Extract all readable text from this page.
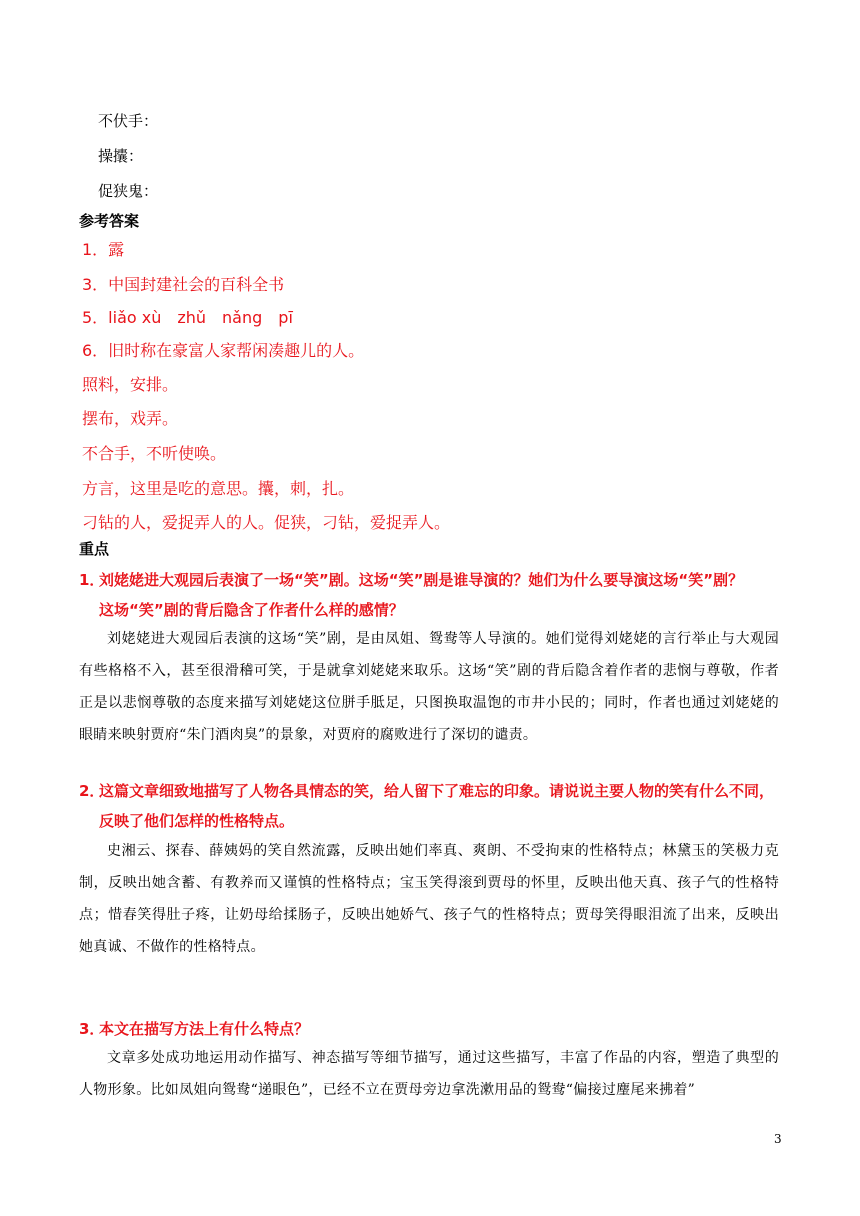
不伏手：
操攮：
促狭鬼：
参考答案
1．露
3．中国封建社会的百科全书
5．liǎo xù　zhǔ　nǎng　pī
6．旧时称在豪富人家帮闲凑趣儿的人。
照料，安排。
摆布，戏弄。
不合手，不听使唤。
方言，这里是吃的意思。攮，刺，扎。
刁钻的人，爱捉弄人的人。促狭，刁钻，爱捉弄人。
重点
1．刘姥姥进大观园后表演了一场“笑”剧。这场“笑”剧是谁导演的？她们为什么要导演这场“笑”剧？
这场“笑”剧的背后隐含了作者什么样的感情？
刘姥姥进大观园后表演的这场“笑”剧，是由凤姐、鸳鸯等人导演的。她们觉得刘姥姥的言行举止与大观园有些格格不入，甚至很滑稽可笑，于是就拿刘姥姥来取乐。这场“笑”剧的背后隐含着作者的悲悯与尊敬，作者正是以悲悯尊敬的态度来描写刘姥姥这位胼手胝足，只图换取温饱的市井小民的；同时，作者也通过刘姥姥的眼睛来映射贾府“朱门酒肉臭”的景象，对贾府的腐败进行了深切的谴责。
2．这篇文章细致地描写了人物各具情态的笑，给人留下了难忘的印象。请说说主要人物的笑有什么不同，
反映了他们怎样的性格特点。
史湘云、探春、薛姨妈的笑自然流露，反映出她们率真、爽朗、不受拘束的性格特点；林黛玉的笑极力克制，反映出她含蓄、有教养而又谨慎的性格特点；宝玉笑得滚到贾母的怀里，反映出他天真、孩子气的性格特点；惜春笑得肚子疼，让奶母给揉肠子，反映出她娇气、孩子气的性格特点；贾母笑得眼泪流了出来，反映出她真诚、不做作的性格特点。
3．本文在描写方法上有什么特点？
文章多处成功地运用动作描写、神态描写等细节描写，通过这些描写，丰富了作品的内容，塑造了典型的人物形象。比如凤姐向鸳鸯“递眼色”，已经不立在贾母旁边拿洗漱用品的鸳鸯“偏接过麈尾来拂着”
3
